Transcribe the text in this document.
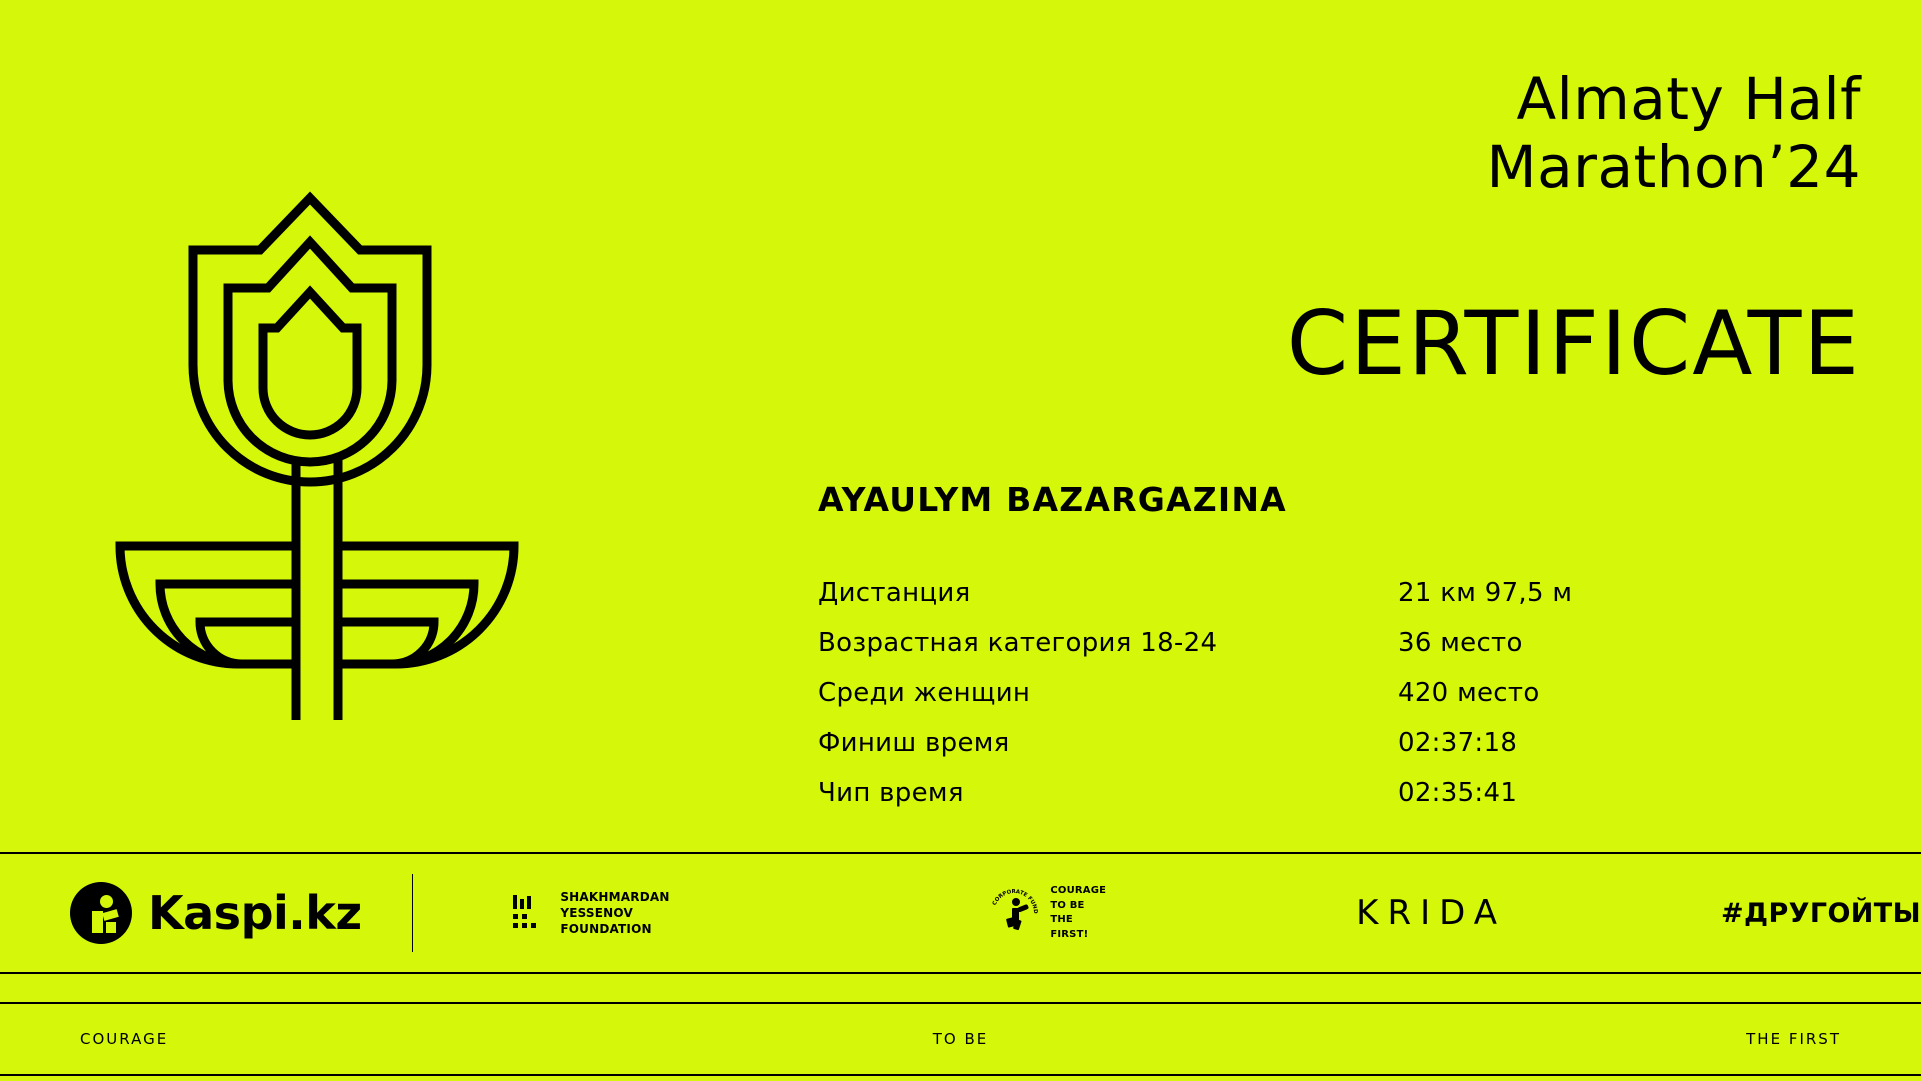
Almaty Half
Marathon’24
CERTIFICATE
AYAULYM BAZARGAZINA
Дистанция	21 км 97,5 м
Возрастная категория 18-24	36 место
Среди женщин	420 место
Финиш время	02:37:18
Чип время	02:35:41
Kaspi.kz	SHAKHMARDAN YESSENOV
FOUNDATION
CORPORATE FUND
COURAGE
TO BE
THE FIRST!
KRIDA	#ДРУГОЙТЫ
COURAGE	TO BE	THE FIRST
